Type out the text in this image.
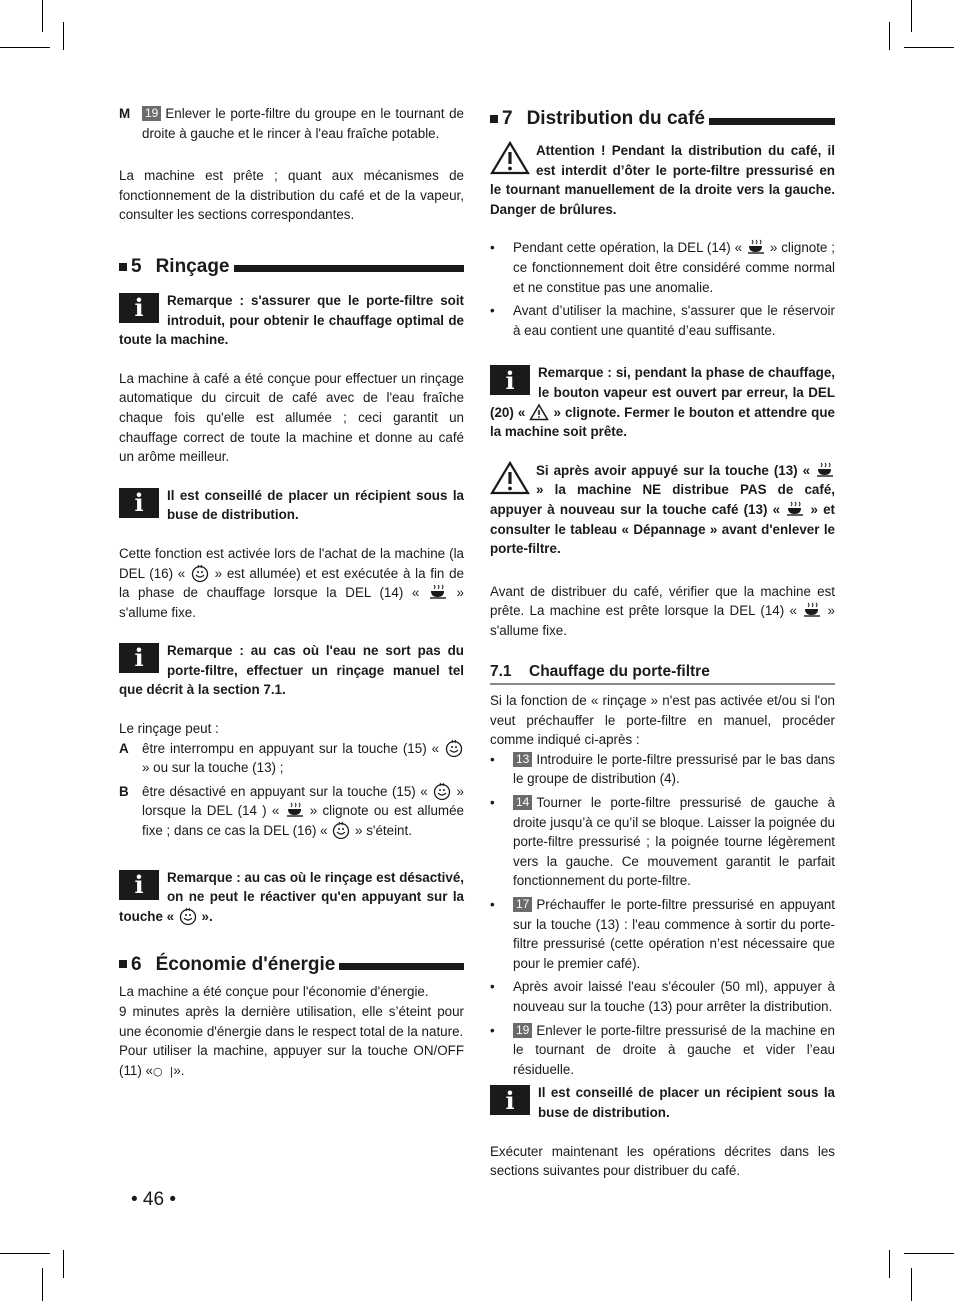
M	19 Enlever le porte-filtre du groupe en le tournant de droite à gauche et le rincer à l'eau fraîche potable.

La machine est prête ; quant aux mécanismes de fonctionnement de la distribution du café et de la vapeur, consulter les sections correspondantes.

5 Rinçage
i	Remarque : s'assurer que le porte-filtre soit introduit, pour obtenir le chauffage optimal de toute la machine.

La machine à café a été conçue pour effectuer un rinçage automatique du circuit de café avec de l'eau fraîche chaque fois qu'elle est allumée ; ceci garantit un chauffage correct de toute la machine et donne au café un arôme meilleur.

i	Il est conseillé de placer un récipient sous la buse de distribution.

Cette fonction est activée lors de l'achat de la machine (la DEL (16) « » est allumée) et est exécutée à la fin de la phase de chauffage lorsque la DEL (14) «	» s'allume fixe.

i	Remarque : au cas où l'eau ne sort pas du porte-filtre, effectuer un rinçage manuel tel que décrit à la section 7.1.

Le rinçage peut :

A être interrompu en appuyant sur la touche (15) «  » ou sur la touche (13) ;
B être désactivé en appuyant sur la touche (15) « » lorsque la DEL (14 ) « » clignote ou est allumée fixe ; dans ce cas la DEL (16) « » s'éteint.
i	Remarque : au cas où le rinçage est désactivé, on ne peut le réactiver qu'en appuyant sur la touche « ».
6 Économie d'énergie

La machine a été conçue pour l'économie d'énergie.

9 minutes après la dernière utilisation, elle s’éteint pour une économie d'énergie dans le respect total de la nature.

Pour utiliser la machine, appuyer sur la touche ON/OFF (11) «○  |».

7 Distribution du café
Attention ! Pendant la distribution du café, il est interdit d’ôter le porte-filtre pressurisé en le tournant manuellement de la droite vers la gauche. Danger de brûlures.
•	Pendant cette opération, la DEL (14) « » clignote ; ce fonctionnement doit être considéré comme normal et ne constitue pas une anomalie.
•	Avant d’utiliser la machine, s'assurer que le réservoir à eau contient une quantité d’eau suffisante.
i	Remarque : si, pendant la phase de chauffage, le bouton vapeur est ouvert par erreur, la DEL (20) « » clignote. Fermer le bouton et attendre que la machine soit prête.
Si après avoir appuyé sur la touche (13) «  » la machine NE distribue PAS de café, appuyer à nouveau sur la touche café (13) « » et consulter le tableau « Dépannage » avant d'enlever le porte-filtre.

Avant de distribuer du café, vérifier que la machine est prête. La machine est prête lorsque la DEL (14) « » s'allume fixe.

7.1	Chauffage du porte-filtre

Si la fonction de « rinçage » n'est pas activée et/ou si l'on veut préchauffer le porte-filtre en manuel, procéder comme indiqué ci-après :

•	13 Introduire le porte-filtre pressurisé par le bas dans le groupe de distribution (4).
•	14 Tourner le porte-filtre pressurisé de gauche à droite jusqu’à ce qu’il se bloque. Laisser la poignée du porte-filtre pressurisé ; la poignée tourne légèrement vers la gauche. Ce mouvement garantit le parfait fonctionnement du porte-filtre.
•	17 Préchauffer le porte-filtre pressurisé en appuyant sur la touche (13) : l'eau commence à sortir du porte-filtre pressurisé (cette opération n’est nécessaire que pour le premier café).
•	Après avoir laissé l'eau s'écouler (50 ml), appuyer à nouveau sur la touche (13) pour arrêter la distribution.
•	19 Enlever le porte-filtre pressurisé de la machine en le tournant de droite à gauche et vider l’eau résiduelle.
i	Il est conseillé de placer un récipient sous la buse de distribution.

Exécuter maintenant les opérations décrites dans les sections suivantes pour distribuer du café.

• 46 •
